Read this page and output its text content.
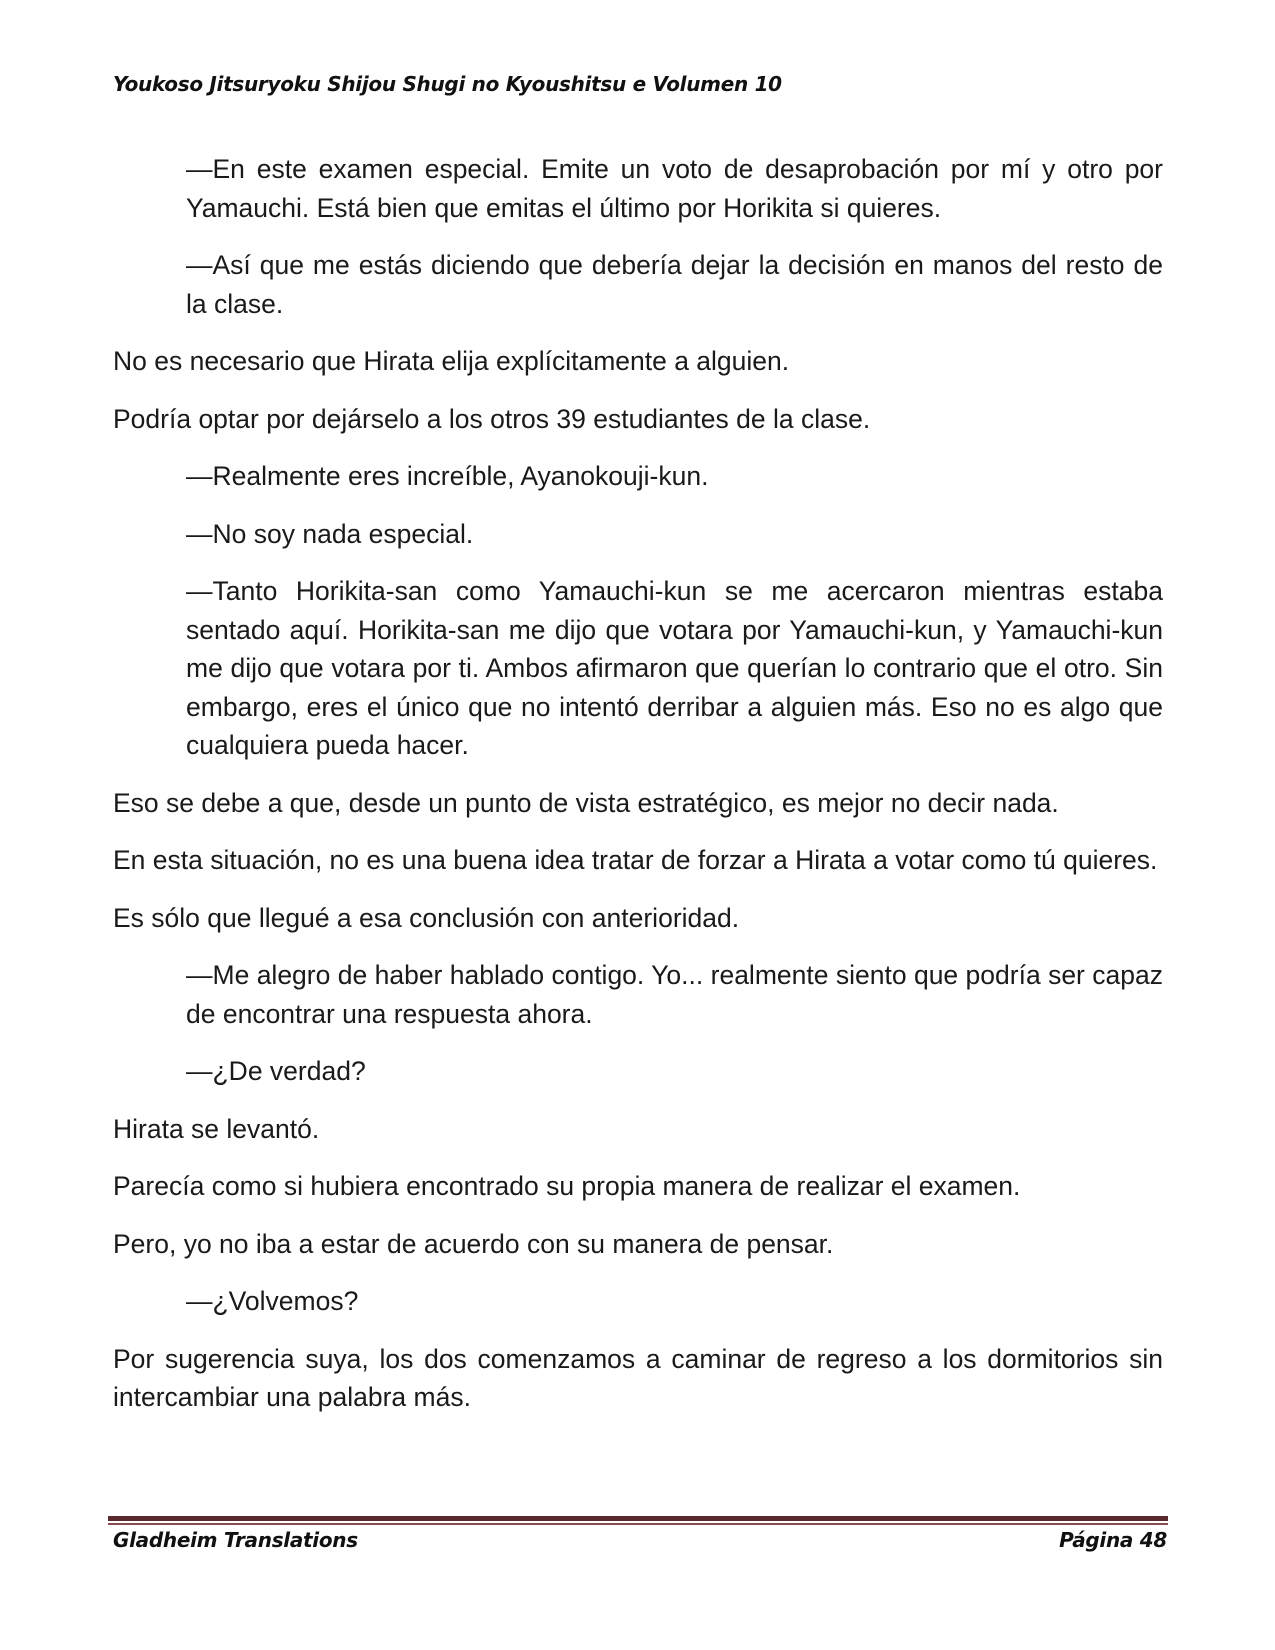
Youkoso Jitsuryoku Shijou Shugi no Kyoushitsu e Volumen 10

—En este examen especial. Emite un voto de desaprobación por mí y otro por Yamauchi. Está bien que emitas el último por Horikita si quieres.

—Así que me estás diciendo que debería dejar la decisión en manos del resto de la clase.

No es necesario que Hirata elija explícitamente a alguien.

Podría optar por dejárselo a los otros 39 estudiantes de la clase.

—Realmente eres increíble, Ayanokouji-kun.

—No soy nada especial.

—Tanto Horikita-san como Yamauchi-kun se me acercaron mientras estaba sentado aquí. Horikita-san me dijo que votara por Yamauchi-kun, y Yamauchi-kun me dijo que votara por ti. Ambos afirmaron que querían lo contrario que el otro. Sin embargo, eres el único que no intentó derribar a alguien más. Eso no es algo que cualquiera pueda hacer.

Eso se debe a que, desde un punto de vista estratégico, es mejor no decir nada.

En esta situación, no es una buena idea tratar de forzar a Hirata a votar como tú quieres.

Es sólo que llegué a esa conclusión con anterioridad.

—Me alegro de haber hablado contigo. Yo... realmente siento que podría ser capaz de encontrar una respuesta ahora.

—¿De verdad?

Hirata se levantó.

Parecía como si hubiera encontrado su propia manera de realizar el examen.

Pero, yo no iba a estar de acuerdo con su manera de pensar.

—¿Volvemos?

Por sugerencia suya, los dos comenzamos a caminar de regreso a los dormitorios sin intercambiar una palabra más.

Gladheim Translations	Página 48
